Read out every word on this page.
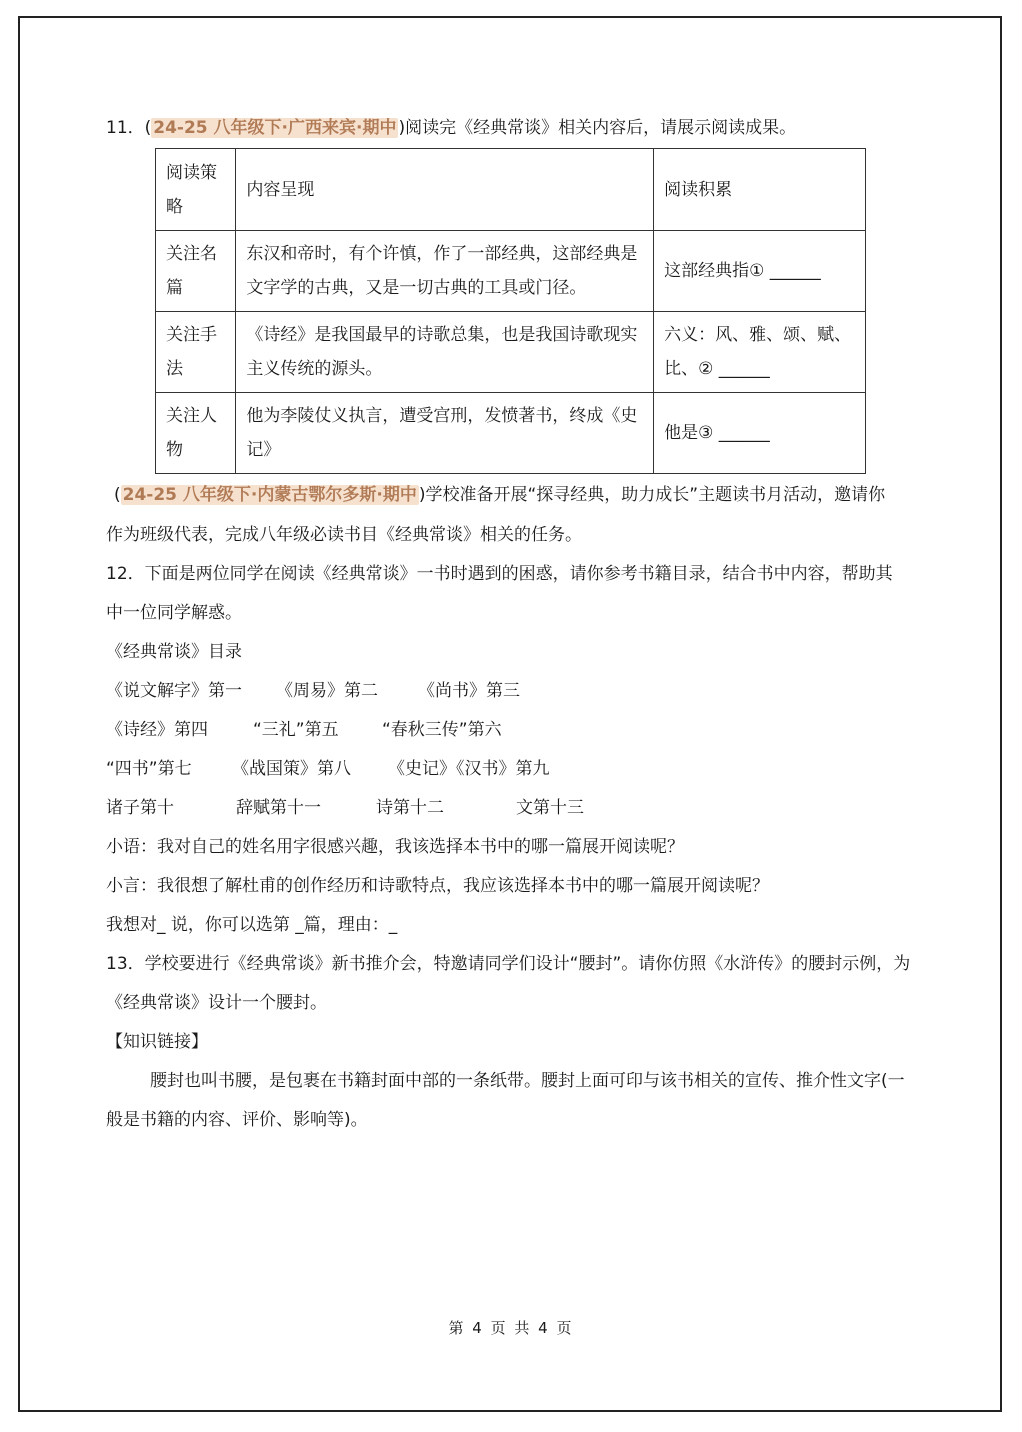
11．( 24-25 八年级下·广西来宾·期中 )阅读完《经典常谈》相关内容后，请展示阅读成果。
阅读策略	内容呈现	阅读积累
关注名篇	东汉和帝时，有个许慎，作了一部经典，这部经典是文字学的古典，又是一切古典的工具或门径。	这部经典指① ______
关注手法	《诗经》是我国最早的诗歌总集，也是我国诗歌现实主义传统的源头。	六义：风、雅、颂、赋、比、② ______
关注人物	他为李陵仗义执言，遭受宫刑，发愤著书，终成《史记》	他是③ ______
( 24-25 八年级下·内蒙古鄂尔多斯·期中 )学校准备开展“探寻经典，助力成长”主题读书月活动，邀请你
作为班级代表，完成八年级必读书目《经典常谈》相关的任务。
12．下面是两位同学在阅读《经典常谈》一书时遇到的困惑，请你参考书籍目录，结合书中内容，帮助其
中一位同学解惑。
《经典常谈》目录
《说文解字》第一 《周易》第二 《尚书》第三
《诗经》第四	“三礼”第五	“春秋三传”第六
“四书”第七 《战国策》第八 《史记》《汉书》第九
诸子第十	辞赋第十一	诗第十二	文第十三
小语：我对自己的姓名用字很感兴趣，我该选择本书中的哪一篇展开阅读呢？
小言：我很想了解杜甫的创作经历和诗歌特点，我应该选择本书中的哪一篇展开阅读呢？
我想对_ 说，你可以选第 _篇，理由：_
13．学校要进行《经典常谈》新书推介会，特邀请同学们设计“腰封”。请你仿照《水浒传》的腰封示例，为
《经典常谈》设计一个腰封。
【知识链接】
腰封也叫书腰，是包裹在书籍封面中部的一条纸带。腰封上面可印与该书相关的宣传、推介性文字(一
般是书籍的内容、评价、影响等)。
第 4 页 共 4 页
